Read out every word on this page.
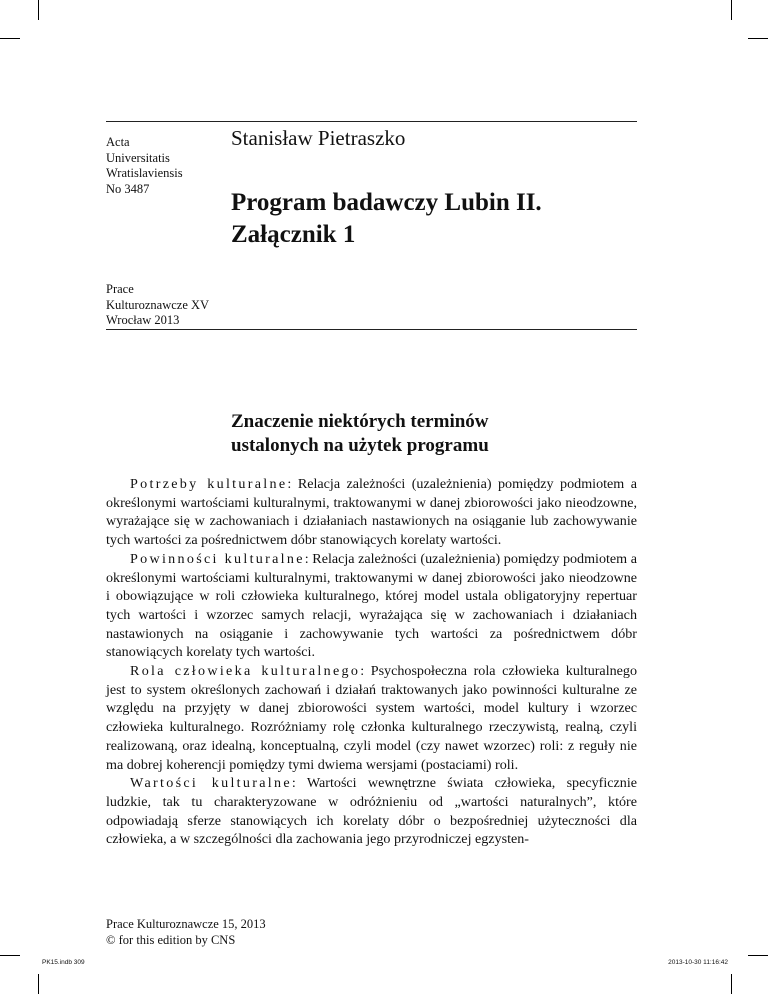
Acta
Universitatis
Wratislaviensis
No 3487
Stanisław Pietraszko
Program badawczy Lubin II.
Załącznik 1
Prace
Kulturoznawcze XV
Wrocław 2013
Znaczenie niektórych terminów
ustalonych na użytek programu

Potrzeby kulturalne: Relacja zależności (uzależnienia) pomiędzy podmiotem a określonymi wartościami kulturalnymi, traktowanymi w danej zbiorowości jako nieodzowne, wyrażające się w zachowaniach i działaniach nastawionych na osiąganie lub zachowywanie tych wartości za pośrednictwem dóbr stanowiących korelaty wartości.

Powinności kulturalne: Relacja zależności (uzależnienia) pomiędzy podmiotem a określonymi wartościami kulturalnymi, traktowanymi w danej zbiorowości jako nieodzowne i obowiązujące w roli człowieka kulturalnego, której model ustala obligatoryjny repertuar tych wartości i wzorzec samych relacji, wyrażająca się w zachowaniach i działaniach nastawionych na osiąganie i zachowywanie tych wartości za pośrednictwem dóbr stanowiących korelaty tych wartości.

Rola człowieka kulturalnego: Psychospołeczna rola człowieka kulturalnego jest to system określonych zachowań i działań traktowanych jako powinności kulturalne ze względu na przyjęty w danej zbiorowości system wartości, model kultury i wzorzec człowieka kulturalnego. Rozróżniamy rolę członka kulturalnego rzeczywistą, realną, czyli realizowaną, oraz idealną, konceptualną, czyli model (czy nawet wzorzec) roli: z reguły nie ma dobrej koherencji pomiędzy tymi dwiema wersjami (postaciami) roli.

Wartości kulturalne: Wartości wewnętrzne świata człowieka, specyficznie ludzkie, tak tu charakteryzowane w odróżnieniu od „wartości naturalnych”, które odpowiadają sferze stanowiących ich korelaty dóbr o bezpośredniej użyteczności dla człowieka, a w szczególności dla zachowania jego przyrodniczej egzysten-

Prace Kulturoznawcze 15, 2013
© for this edition by CNS
PK15.indb 309	2013-10-30 11:16:42
